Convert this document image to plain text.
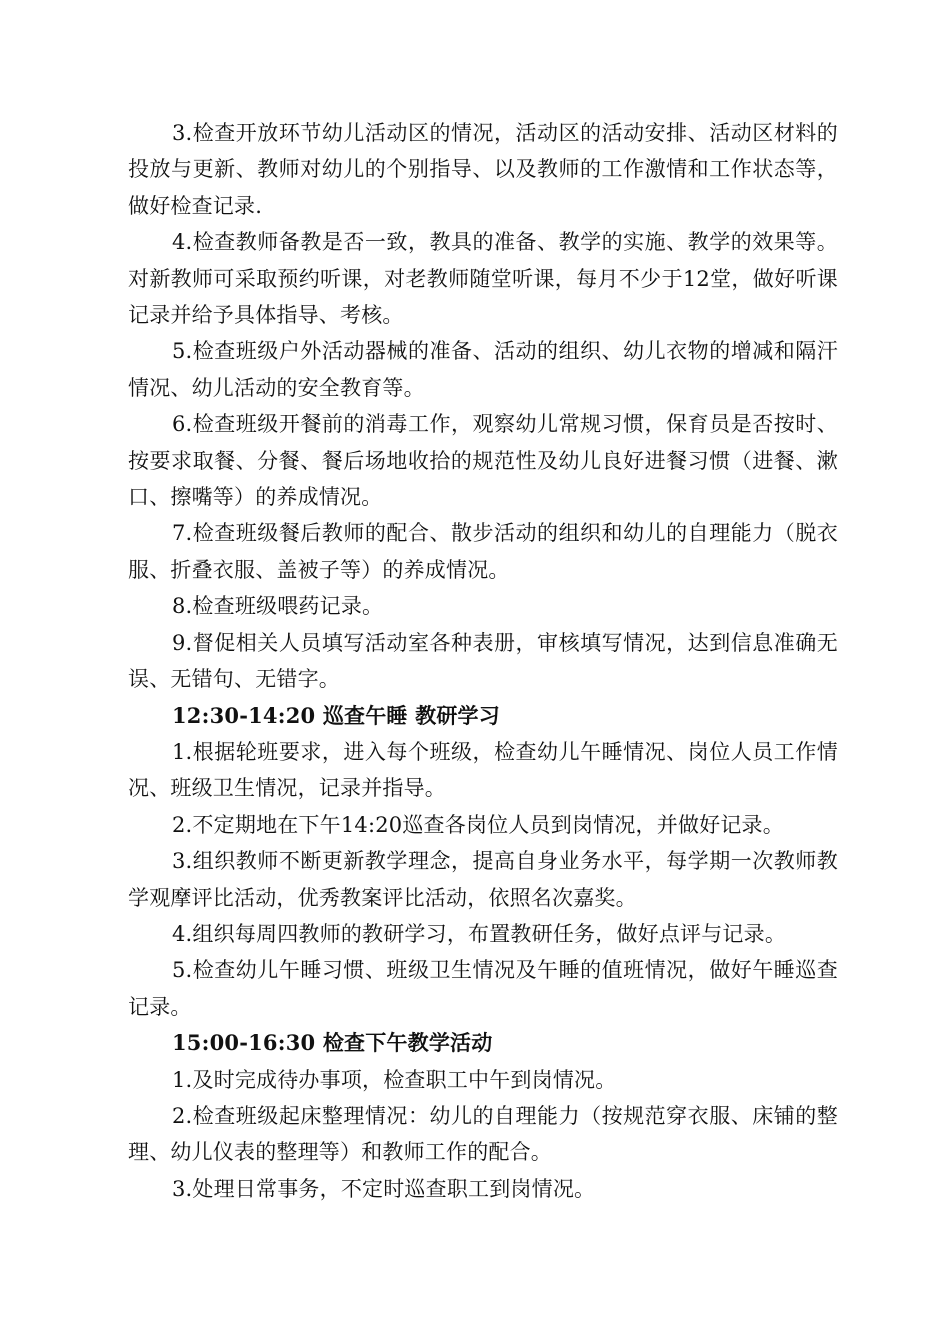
3.检查开放环节幼儿活动区的情况，活动区的活动安排、活动区材料的投放与更新、教师对幼儿的个别指导、以及教师的工作激情和工作状态等，做好检查记录.

4.检查教师备教是否一致，教具的准备、教学的实施、教学的效果等。对新教师可采取预约听课，对老教师随堂听课，每月不少于12堂，做好听课记录并给予具体指导、考核。

5.检查班级户外活动器械的准备、活动的组织、幼儿衣物的增减和隔汗情况、幼儿活动的安全教育等。

6.检查班级开餐前的消毒工作，观察幼儿常规习惯，保育员是否按时、按要求取餐、分餐、餐后场地收拾的规范性及幼儿良好进餐习惯（进餐、漱口、擦嘴等）的养成情况。

7.检查班级餐后教师的配合、散步活动的组织和幼儿的自理能力（脱衣服、折叠衣服、盖被子等）的养成情况。

8.检查班级喂药记录。

9.督促相关人员填写活动室各种表册，审核填写情况，达到信息准确无误、无错句、无错字。

12:30-14:20 巡查午睡 教研学习

1.根据轮班要求，进入每个班级，检查幼儿午睡情况、岗位人员工作情况、班级卫生情况，记录并指导。

2.不定期地在下午14:20巡查各岗位人员到岗情况，并做好记录。

3.组织教师不断更新教学理念，提高自身业务水平，每学期一次教师教学观摩评比活动，优秀教案评比活动，依照名次嘉奖。

4.组织每周四教师的教研学习，布置教研任务，做好点评与记录。

5.检查幼儿午睡习惯、班级卫生情况及午睡的值班情况，做好午睡巡查记录。

15:00-16:30 检查下午教学活动

1.及时完成待办事项，检查职工中午到岗情况。

2.检查班级起床整理情况：幼儿的自理能力（按规范穿衣服、床铺的整理、幼儿仪表的整理等）和教师工作的配合。

3.处理日常事务，不定时巡查职工到岗情况。
